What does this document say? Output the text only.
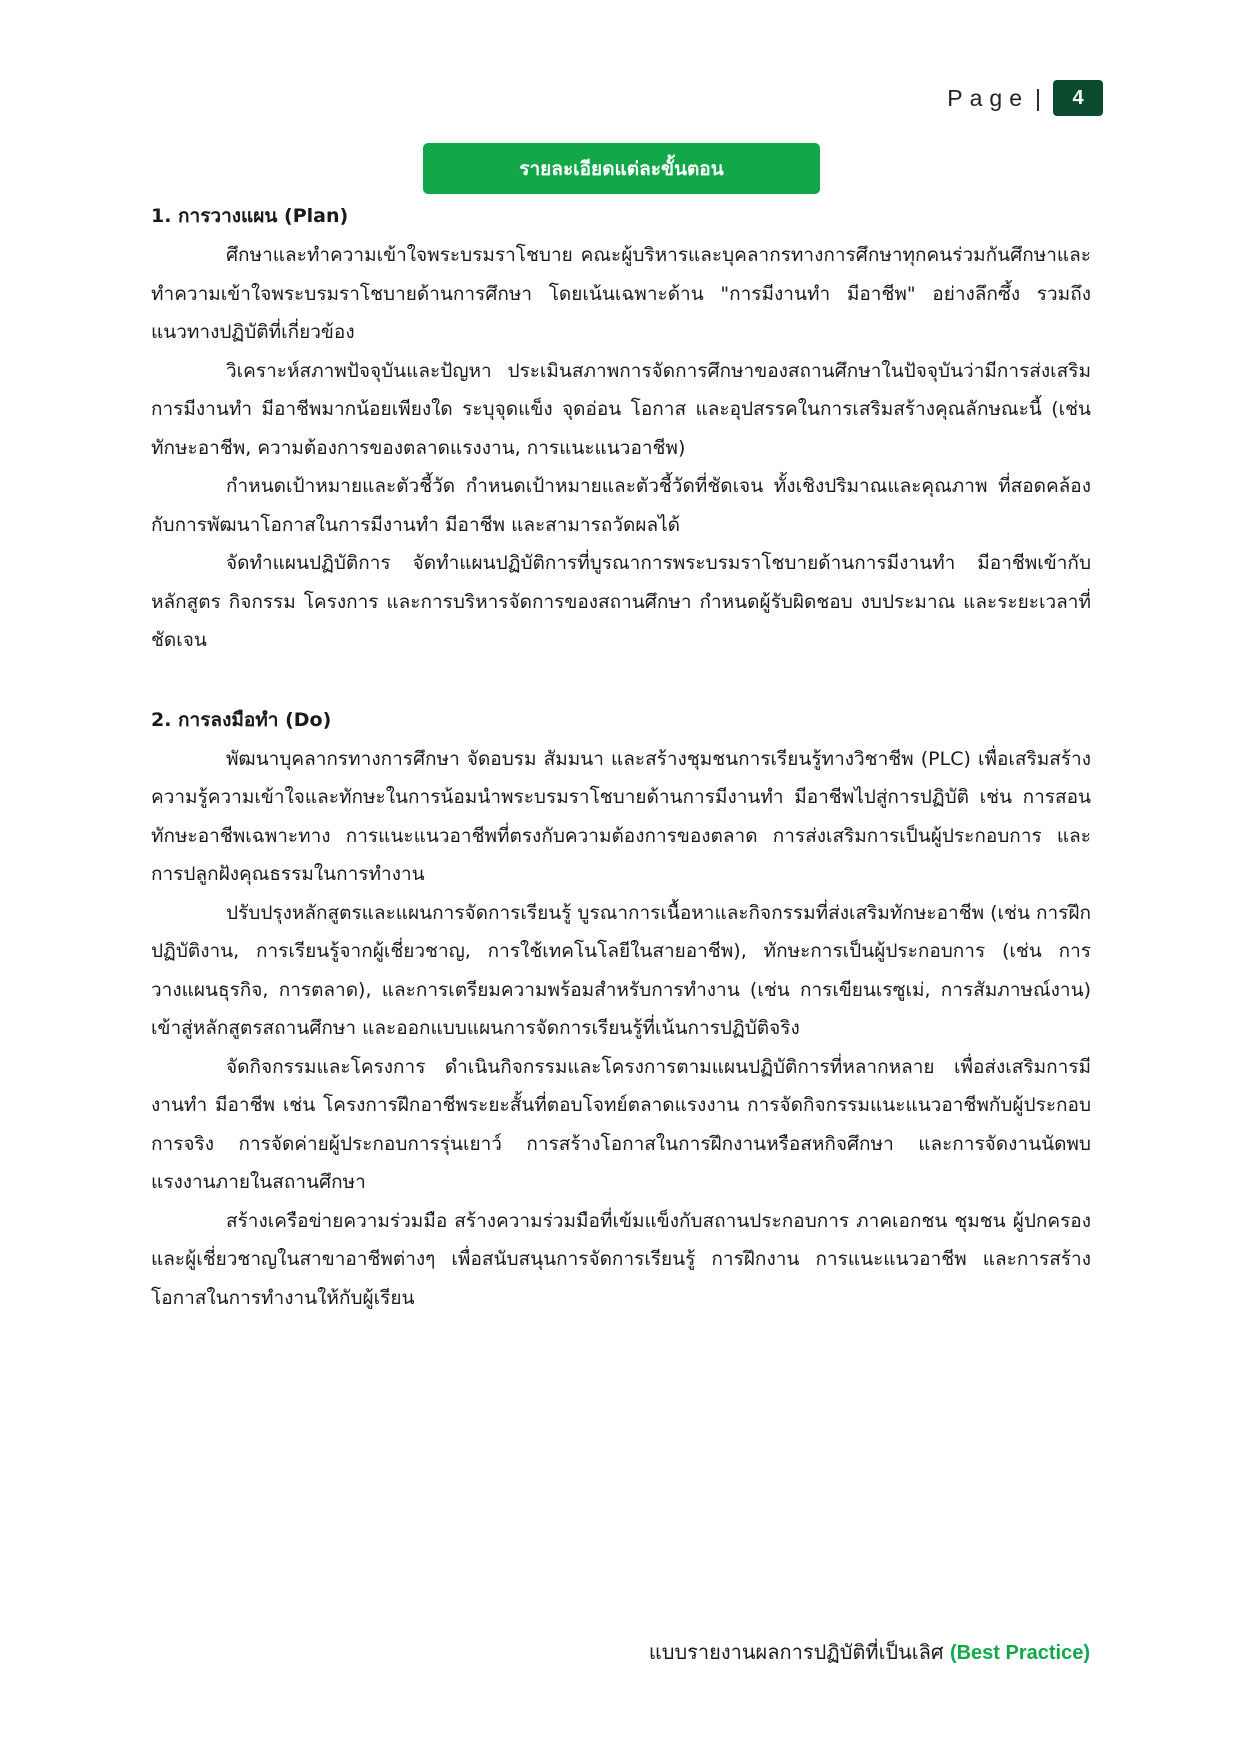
Page |	4
รายละเอียดแต่ละขั้นตอน
1. การวางแผน (Plan)

ศึกษาและทำความเข้าใจพระบรมราโชบาย คณะผู้บริหารและบุคลากรทางการศึกษาทุกคนร่วมกันศึกษาและทำความเข้าใจพระบรมราโชบายด้านการศึกษา โดยเน้นเฉพาะด้าน "การมีงานทำ มีอาชีพ" อย่างลึกซึ้ง รวมถึงแนวทางปฏิบัติที่เกี่ยวข้อง

วิเคราะห์สภาพปัจจุบันและปัญหา ประเมินสภาพการจัดการศึกษาของสถานศึกษาในปัจจุบันว่ามีการส่งเสริมการมีงานทำ มีอาชีพมากน้อยเพียงใด ระบุจุดแข็ง จุดอ่อน โอกาส และอุปสรรคในการเสริมสร้างคุณลักษณะนี้ (เช่น ทักษะอาชีพ, ความต้องการของตลาดแรงงาน, การแนะแนวอาชีพ)

กำหนดเป้าหมายและตัวชี้วัด กำหนดเป้าหมายและตัวชี้วัดที่ชัดเจน ทั้งเชิงปริมาณและคุณภาพ ที่สอดคล้องกับการพัฒนาโอกาสในการมีงานทำ มีอาชีพ และสามารถวัดผลได้

จัดทำแผนปฏิบัติการ จัดทำแผนปฏิบัติการที่บูรณาการพระบรมราโชบายด้านการมีงานทำ มีอาชีพเข้ากับหลักสูตร กิจกรรม โครงการ และการบริหารจัดการของสถานศึกษา กำหนดผู้รับผิดชอบ งบประมาณ และระยะเวลาที่ชัดเจน

2. การลงมือทำ (Do)

พัฒนาบุคลากรทางการศึกษา จัดอบรม สัมมนา และสร้างชุมชนการเรียนรู้ทางวิชาชีพ (PLC) เพื่อเสริมสร้างความรู้ความเข้าใจและทักษะในการน้อมนำพระบรมราโชบายด้านการมีงานทำ มีอาชีพไปสู่การปฏิบัติ เช่น การสอนทักษะอาชีพเฉพาะทาง การแนะแนวอาชีพที่ตรงกับความต้องการของตลาด การส่งเสริมการเป็นผู้ประกอบการ และการปลูกฝังคุณธรรมในการทำงาน

ปรับปรุงหลักสูตรและแผนการจัดการเรียนรู้ บูรณาการเนื้อหาและกิจกรรมที่ส่งเสริมทักษะอาชีพ (เช่น การฝึกปฏิบัติงาน, การเรียนรู้จากผู้เชี่ยวชาญ, การใช้เทคโนโลยีในสายอาชีพ), ทักษะการเป็นผู้ประกอบการ (เช่น การวางแผนธุรกิจ, การตลาด), และการเตรียมความพร้อมสำหรับการทำงาน (เช่น การเขียนเรซูเม่, การสัมภาษณ์งาน) เข้าสู่หลักสูตรสถานศึกษา และออกแบบแผนการจัดการเรียนรู้ที่เน้นการปฏิบัติจริง

จัดกิจกรรมและโครงการ ดำเนินกิจกรรมและโครงการตามแผนปฏิบัติการที่หลากหลาย เพื่อส่งเสริมการมีงานทำ มีอาชีพ เช่น โครงการฝึกอาชีพระยะสั้นที่ตอบโจทย์ตลาดแรงงาน การจัดกิจกรรมแนะแนวอาชีพกับผู้ประกอบการจริง การจัดค่ายผู้ประกอบการรุ่นเยาว์ การสร้างโอกาสในการฝึกงานหรือสหกิจศึกษา และการจัดงานนัดพบแรงงานภายในสถานศึกษา

สร้างเครือข่ายความร่วมมือ สร้างความร่วมมือที่เข้มแข็งกับสถานประกอบการ ภาคเอกชน ชุมชน ผู้ปกครอง และผู้เชี่ยวชาญในสาขาอาชีพต่างๆ เพื่อสนับสนุนการจัดการเรียนรู้ การฝึกงาน การแนะแนวอาชีพ และการสร้างโอกาสในการทำงานให้กับผู้เรียน

แบบรายงานผลการปฏิบัติที่เป็นเลิศ (Best Practice)
